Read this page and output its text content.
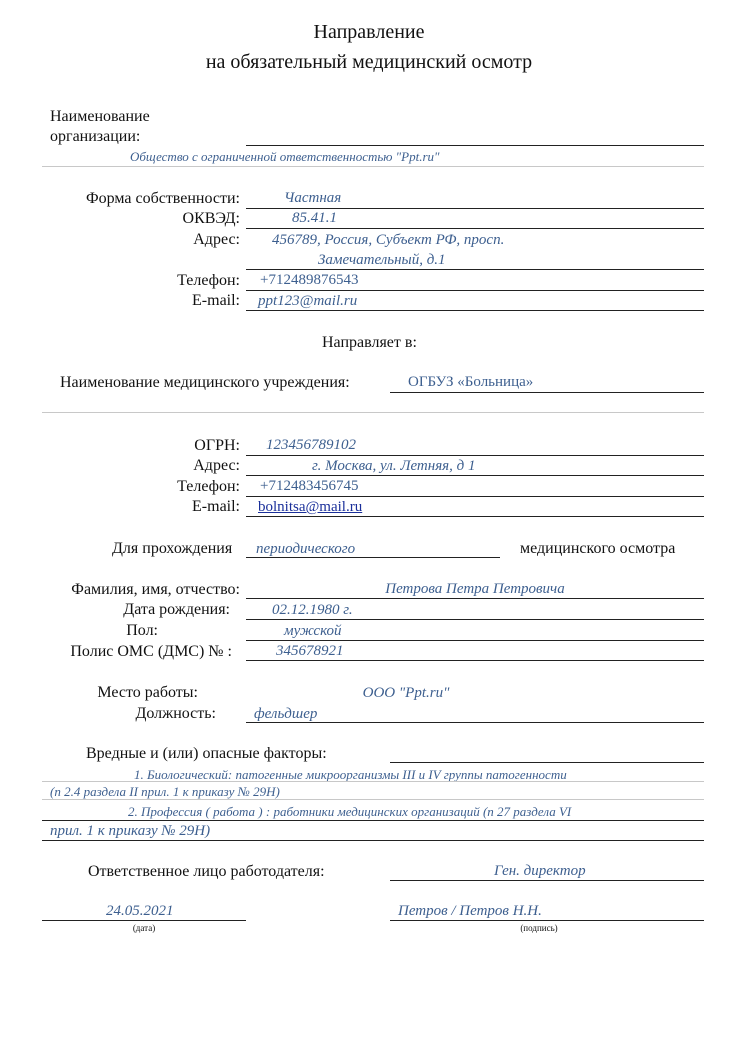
Направление
на обязательный медицинский осмотр
Наименование
организации:
Общество с ограниченной ответственностью "Ppt.ru"
Форма собственности:	Частная
ОКВЭД:	85.41.1
Адрес: 456789, Россия, Субъект РФ, просп.
Замечательный, д.1
Телефон: +712489876543
E-mail: ppt123@mail.ru
Направляет в:
Наименование медицинского учреждения:	ОГБУЗ «Больница»
ОГРН: 123456789102
Адрес:	г. Москва, ул. Летняя, д 1
Телефон: +712483456745
E-mail: bolnitsa@mail.ru
Для прохождения периодического	медицинского осмотра
Фамилия, имя, отчество:	Петрова Петра Петровича
Дата рождения:	02.12.1980 г.
Пол:	мужской
Полис ОМС (ДМС) № :	345678921
Место работы:	ООО "Ppt.ru"
Должность:	фельдшер
Вредные и (или) опасные факторы:
1. Биологический: патогенные микроорганизмы III и IV группы патогенности
(п 2.4 раздела II прил. 1 к приказу № 29Н)
2. Профессия ( работа ) : работники медицинских организаций (п 27 раздела VI
прил. 1 к приказу № 29Н)
Ответственное лицо работодателя:	Ген. директор
24.05.2021
(дата)
Петров / Петров Н.Н.
(подпись)
